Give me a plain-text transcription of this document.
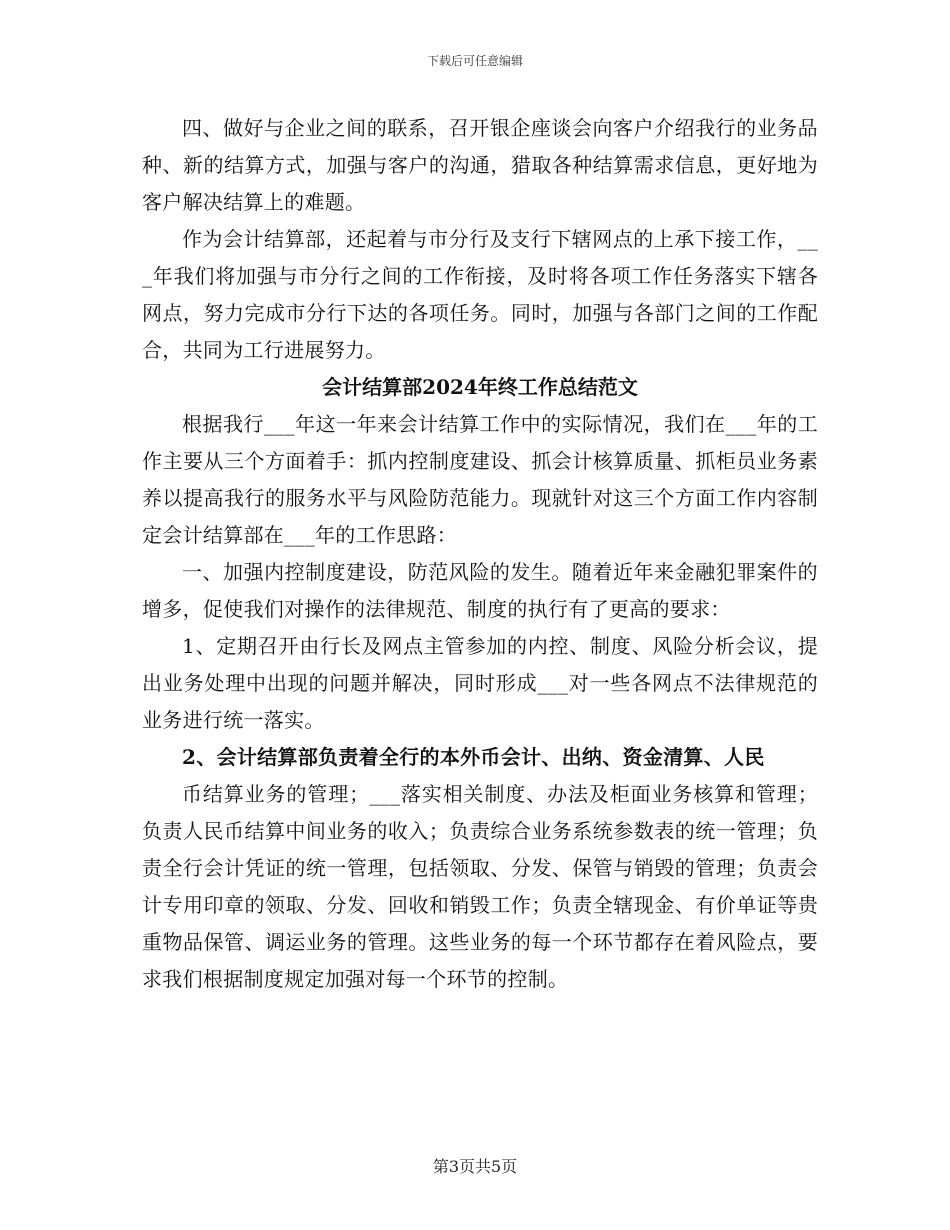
下载后可任意编辑

四、做好与企业之间的联系，召开银企座谈会向客户介绍我行的业务品种、新的结算方式，加强与客户的沟通，猎取各种结算需求信息，更好地为客户解决结算上的难题。

作为会计结算部，还起着与市分行及支行下辖网点的上承下接工作，___年我们将加强与市分行之间的工作衔接，及时将各项工作任务落实下辖各网点，努力完成市分行下达的各项任务。同时，加强与各部门之间的工作配合，共同为工行进展努力。

会计结算部2024年终工作总结范文

根据我行___年这一年来会计结算工作中的实际情况，我们在___年的工作主要从三个方面着手：抓内控制度建设、抓会计核算质量、抓柜员业务素养以提高我行的服务水平与风险防范能力。现就针对这三个方面工作内容制定会计结算部在___年的工作思路：

一、加强内控制度建设，防范风险的发生。随着近年来金融犯罪案件的增多，促使我们对操作的法律规范、制度的执行有了更高的要求：

1、定期召开由行长及网点主管参加的内控、制度、风险分析会议，提出业务处理中出现的问题并解决，同时形成___对一些各网点不法律规范的业务进行统一落实。

2、会计结算部负责着全行的本外币会计、出纳、资金清算、人民

币结算业务的管理；___落实相关制度、办法及柜面业务核算和管理；负责人民币结算中间业务的收入；负责综合业务系统参数表的统一管理；负责全行会计凭证的统一管理，包括领取、分发、保管与销毁的管理；负责会计专用印章的领取、分发、回收和销毁工作；负责全辖现金、有价单证等贵重物品保管、调运业务的管理。这些业务的每一个环节都存在着风险点，要求我们根据制度规定加强对每一个环节的控制。

第3页共5页
